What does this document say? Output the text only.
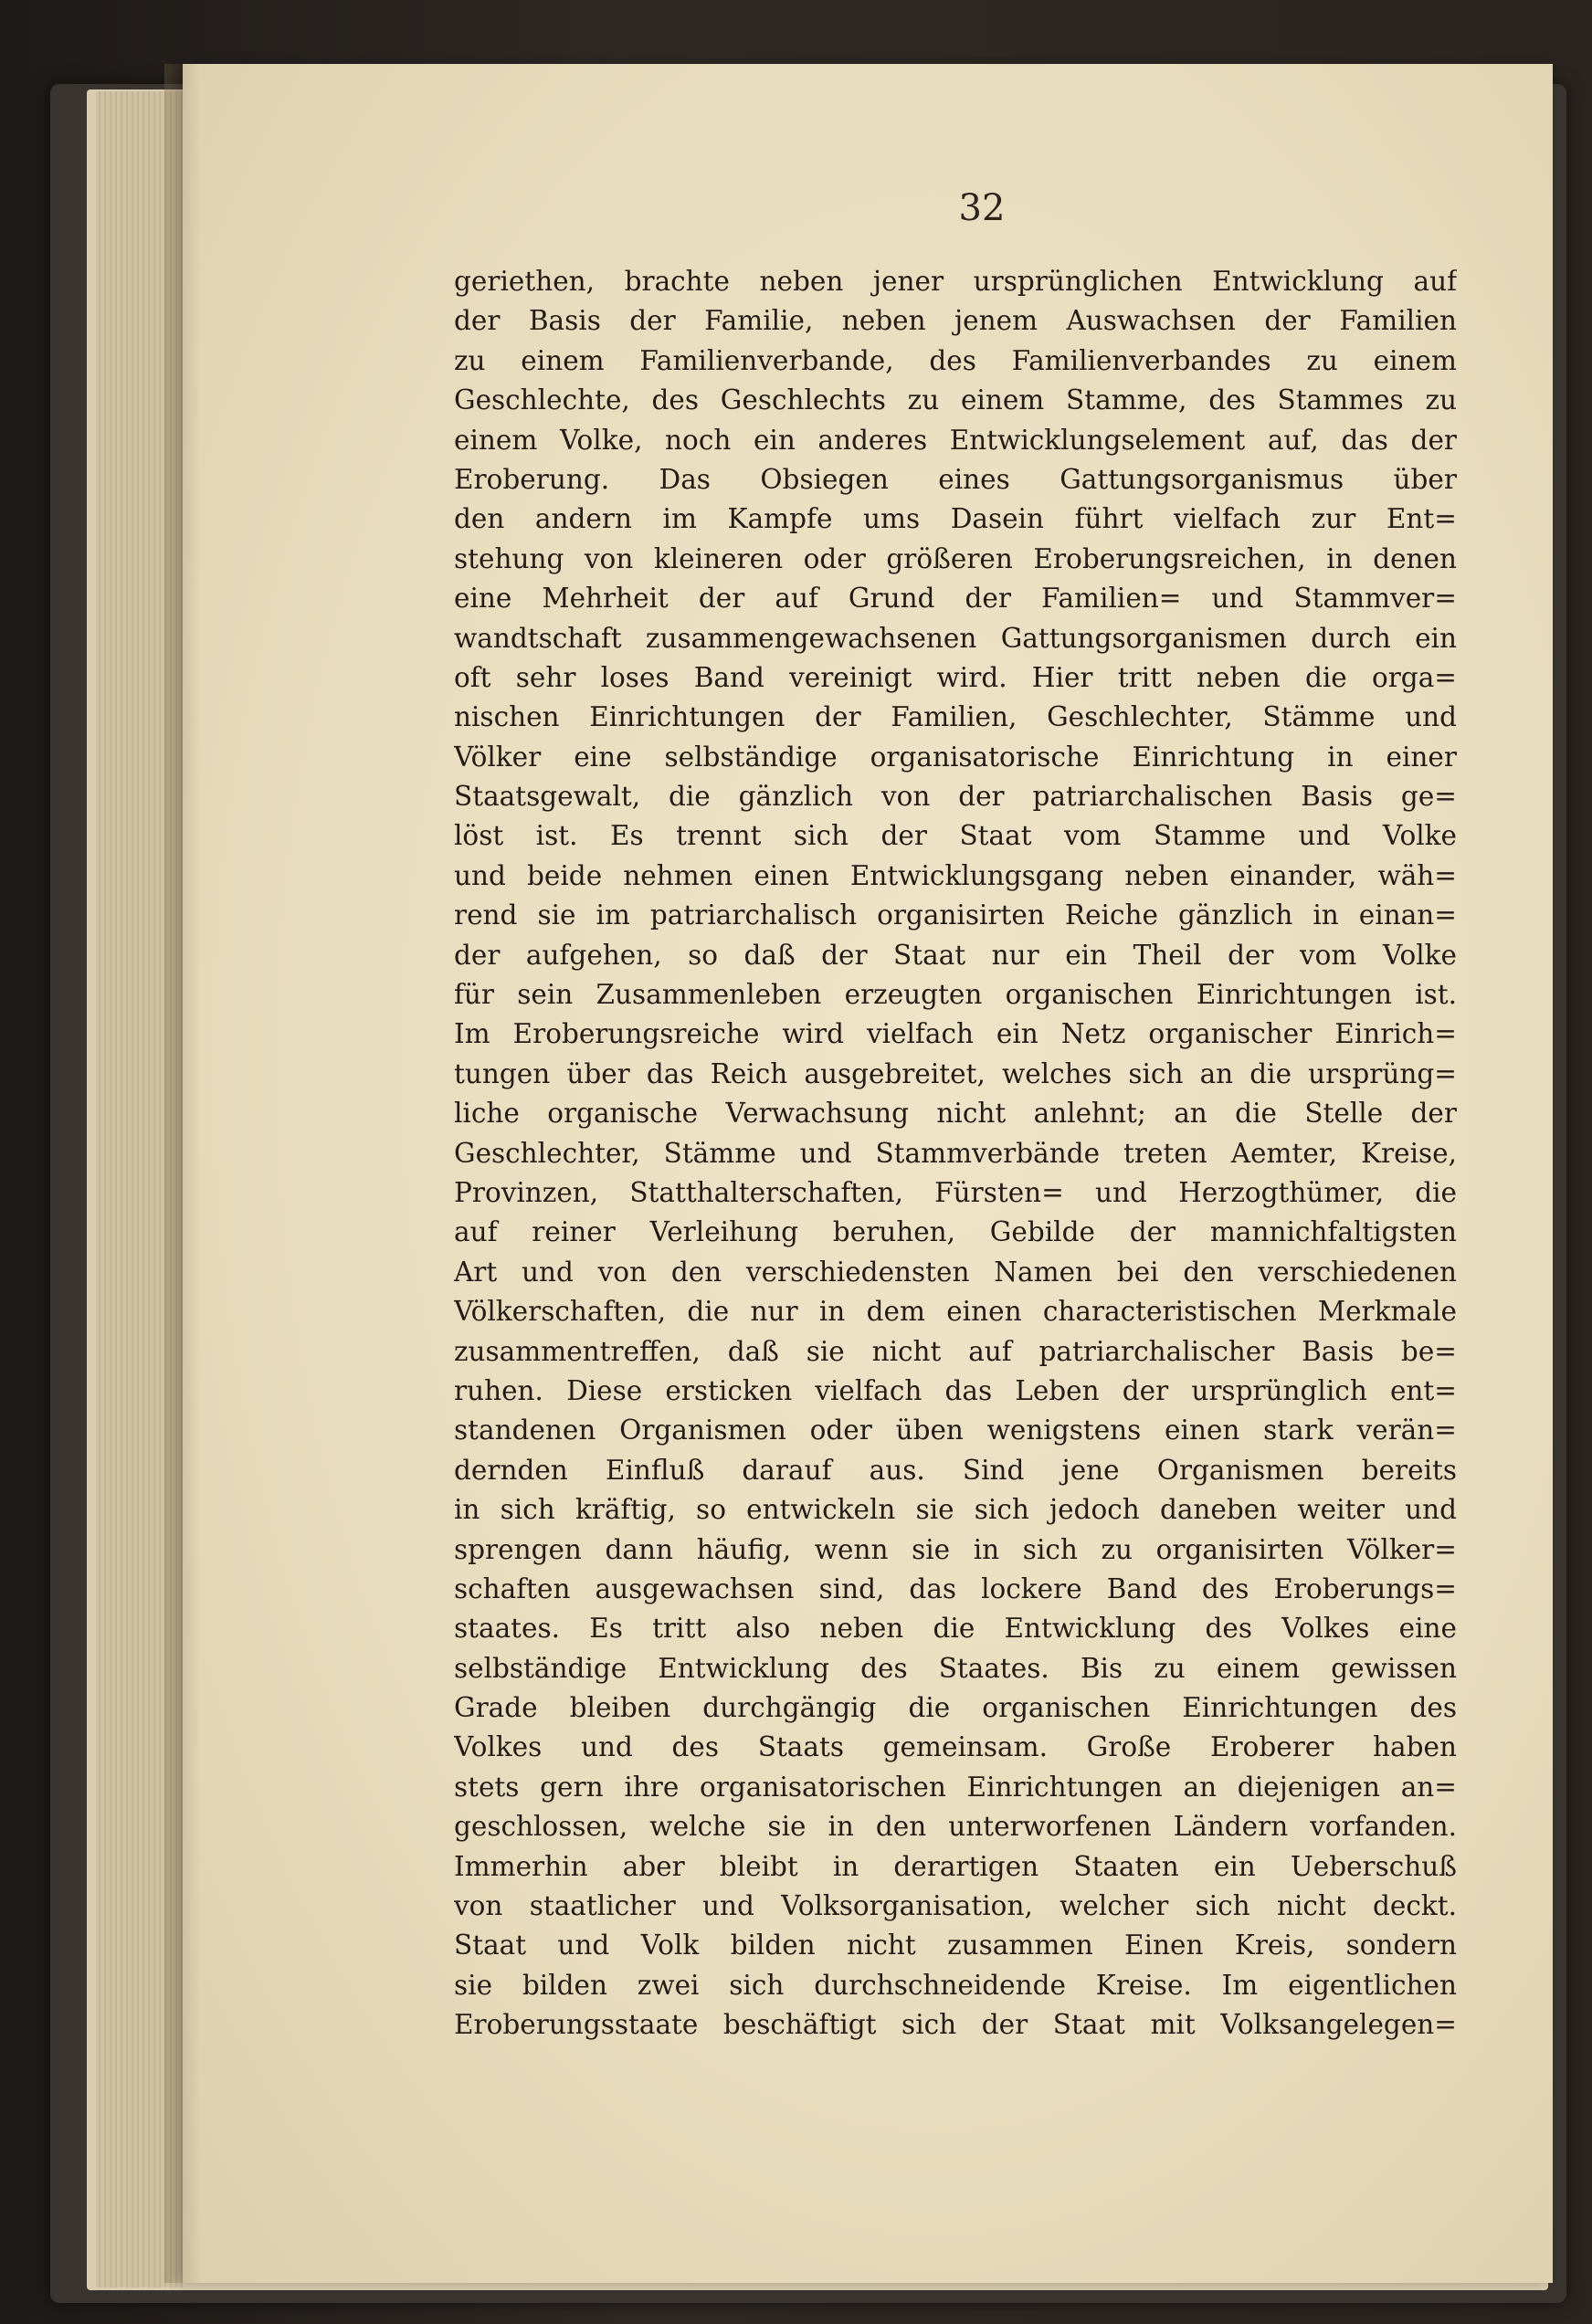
32
geriethen, brachte neben jener ursprünglichen Entwicklung auf
der Basis der Familie, neben jenem Auswachsen der Familien
zu einem Familienverbande, des Familienverbandes zu einem
Geschlechte, des Geschlechts zu einem Stamme, des Stammes zu
einem Volke, noch ein anderes Entwicklungselement auf, das der
Eroberung. Das Obsiegen eines Gattungsorganismus über
den andern im Kampfe ums Dasein führt vielfach zur Ent=
stehung von kleineren oder größeren Eroberungsreichen, in denen
eine Mehrheit der auf Grund der Familien= und Stammver=
wandtschaft zusammengewachsenen Gattungsorganismen durch ein
oft sehr loses Band vereinigt wird. Hier tritt neben die orga=
nischen Einrichtungen der Familien, Geschlechter, Stämme und
Völker eine selbständige organisatorische Einrichtung in einer
Staatsgewalt, die gänzlich von der patriarchalischen Basis ge=
löst ist. Es trennt sich der Staat vom Stamme und Volke
und beide nehmen einen Entwicklungsgang neben einander, wäh=
rend sie im patriarchalisch organisirten Reiche gänzlich in einan=
der aufgehen, so daß der Staat nur ein Theil der vom Volke
für sein Zusammenleben erzeugten organischen Einrichtungen ist.
Im Eroberungsreiche wird vielfach ein Netz organischer Einrich=
tungen über das Reich ausgebreitet, welches sich an die ursprüng=
liche organische Verwachsung nicht anlehnt; an die Stelle der
Geschlechter, Stämme und Stammverbände treten Aemter, Kreise,
Provinzen, Statthalterschaften, Fürsten= und Herzogthümer, die
auf reiner Verleihung beruhen, Gebilde der mannichfaltigsten
Art und von den verschiedensten Namen bei den verschiedenen
Völkerschaften, die nur in dem einen characteristischen Merkmale
zusammentreffen, daß sie nicht auf patriarchalischer Basis be=
ruhen. Diese ersticken vielfach das Leben der ursprünglich ent=
standenen Organismen oder üben wenigstens einen stark verän=
dernden Einfluß darauf aus. Sind jene Organismen bereits
in sich kräftig, so entwickeln sie sich jedoch daneben weiter und
sprengen dann häufig, wenn sie in sich zu organisirten Völker=
schaften ausgewachsen sind, das lockere Band des Eroberungs=
staates. Es tritt also neben die Entwicklung des Volkes eine
selbständige Entwicklung des Staates. Bis zu einem gewissen
Grade bleiben durchgängig die organischen Einrichtungen des
Volkes und des Staats gemeinsam. Große Eroberer haben
stets gern ihre organisatorischen Einrichtungen an diejenigen an=
geschlossen, welche sie in den unterworfenen Ländern vorfanden.
Immerhin aber bleibt in derartigen Staaten ein Ueberschuß
von staatlicher und Volksorganisation, welcher sich nicht deckt.
Staat und Volk bilden nicht zusammen Einen Kreis, sondern
sie bilden zwei sich durchschneidende Kreise. Im eigentlichen
Eroberungsstaate beschäftigt sich der Staat mit Volksangelegen=
